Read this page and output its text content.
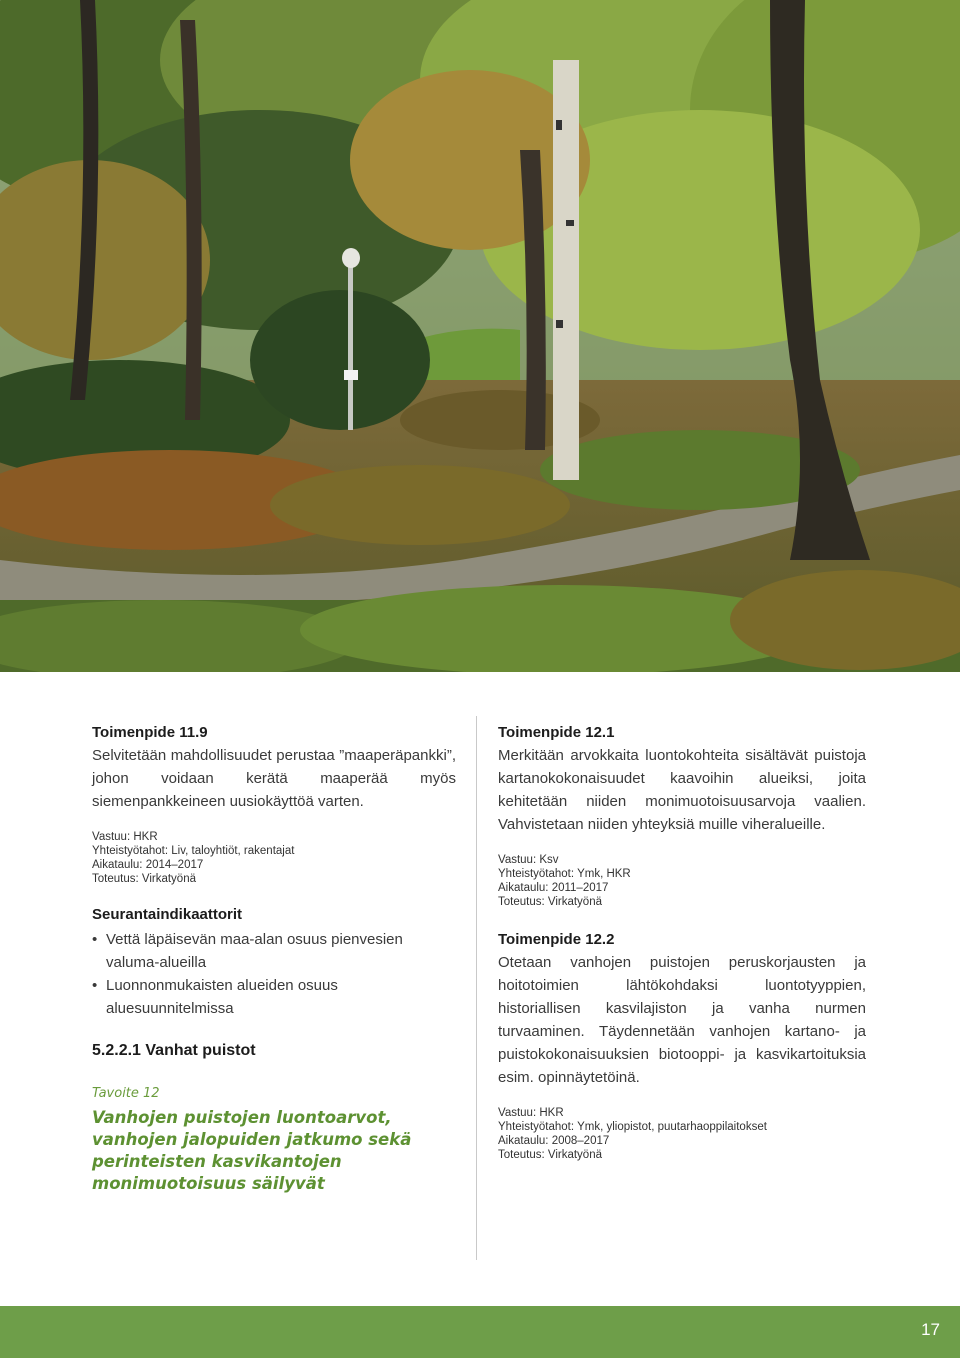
Toimenpide 11.9

Selvitetään mahdollisuudet perustaa ”maaperäpankki”, johon voidaan kerätä maaperää myös siemenpankkeineen uusiokäyttöä varten.

Vastuu: HKR
Yhteistyötahot: Liv, taloyhtiöt, rakentajat
Aikataulu: 2014–2017
Toteutus: Virkatyönä
Seurantaindikaattorit
• Vettä läpäisevän maa-alan osuus pienvesien valuma-alueilla
• Luonnonmukaisten alueiden osuus aluesuunnitelmissa
5.2.2.1 Vanhat puistot
Tavoite 12
Vanhojen puistojen luontoarvot, vanhojen jalopuiden jatkumo sekä perinteisten kasvikantojen monimuotoisuus säilyvät

Toimenpide 12.1

Merkitään arvokkaita luontokohteita sisältävät puistoja kartanokokonaisuudet kaavoihin alueiksi, joita kehitetään niiden monimuotoisuusarvoja vaalien. Vahvistetaan niiden yhteyksiä muille viheralueille.

Vastuu: Ksv
Yhteistyötahot: Ymk, HKR
Aikataulu: 2011–2017
Toteutus: Virkatyönä

Toimenpide 12.2

Otetaan vanhojen puistojen peruskorjausten ja hoitotoimien lähtökohdaksi luontotyyppien, historiallisen kasvilajiston ja vanha nurmen turvaaminen. Täydennetään vanhojen kartano- ja puistokokonaisuuksien biotooppi- ja kasvikartoituksia esim. opinnäytetöinä.

Vastuu: HKR
Yhteistyötahot: Ymk, yliopistot, puutarhaoppilaitokset
Aikataulu: 2008–2017
Toteutus: Virkatyönä
17
